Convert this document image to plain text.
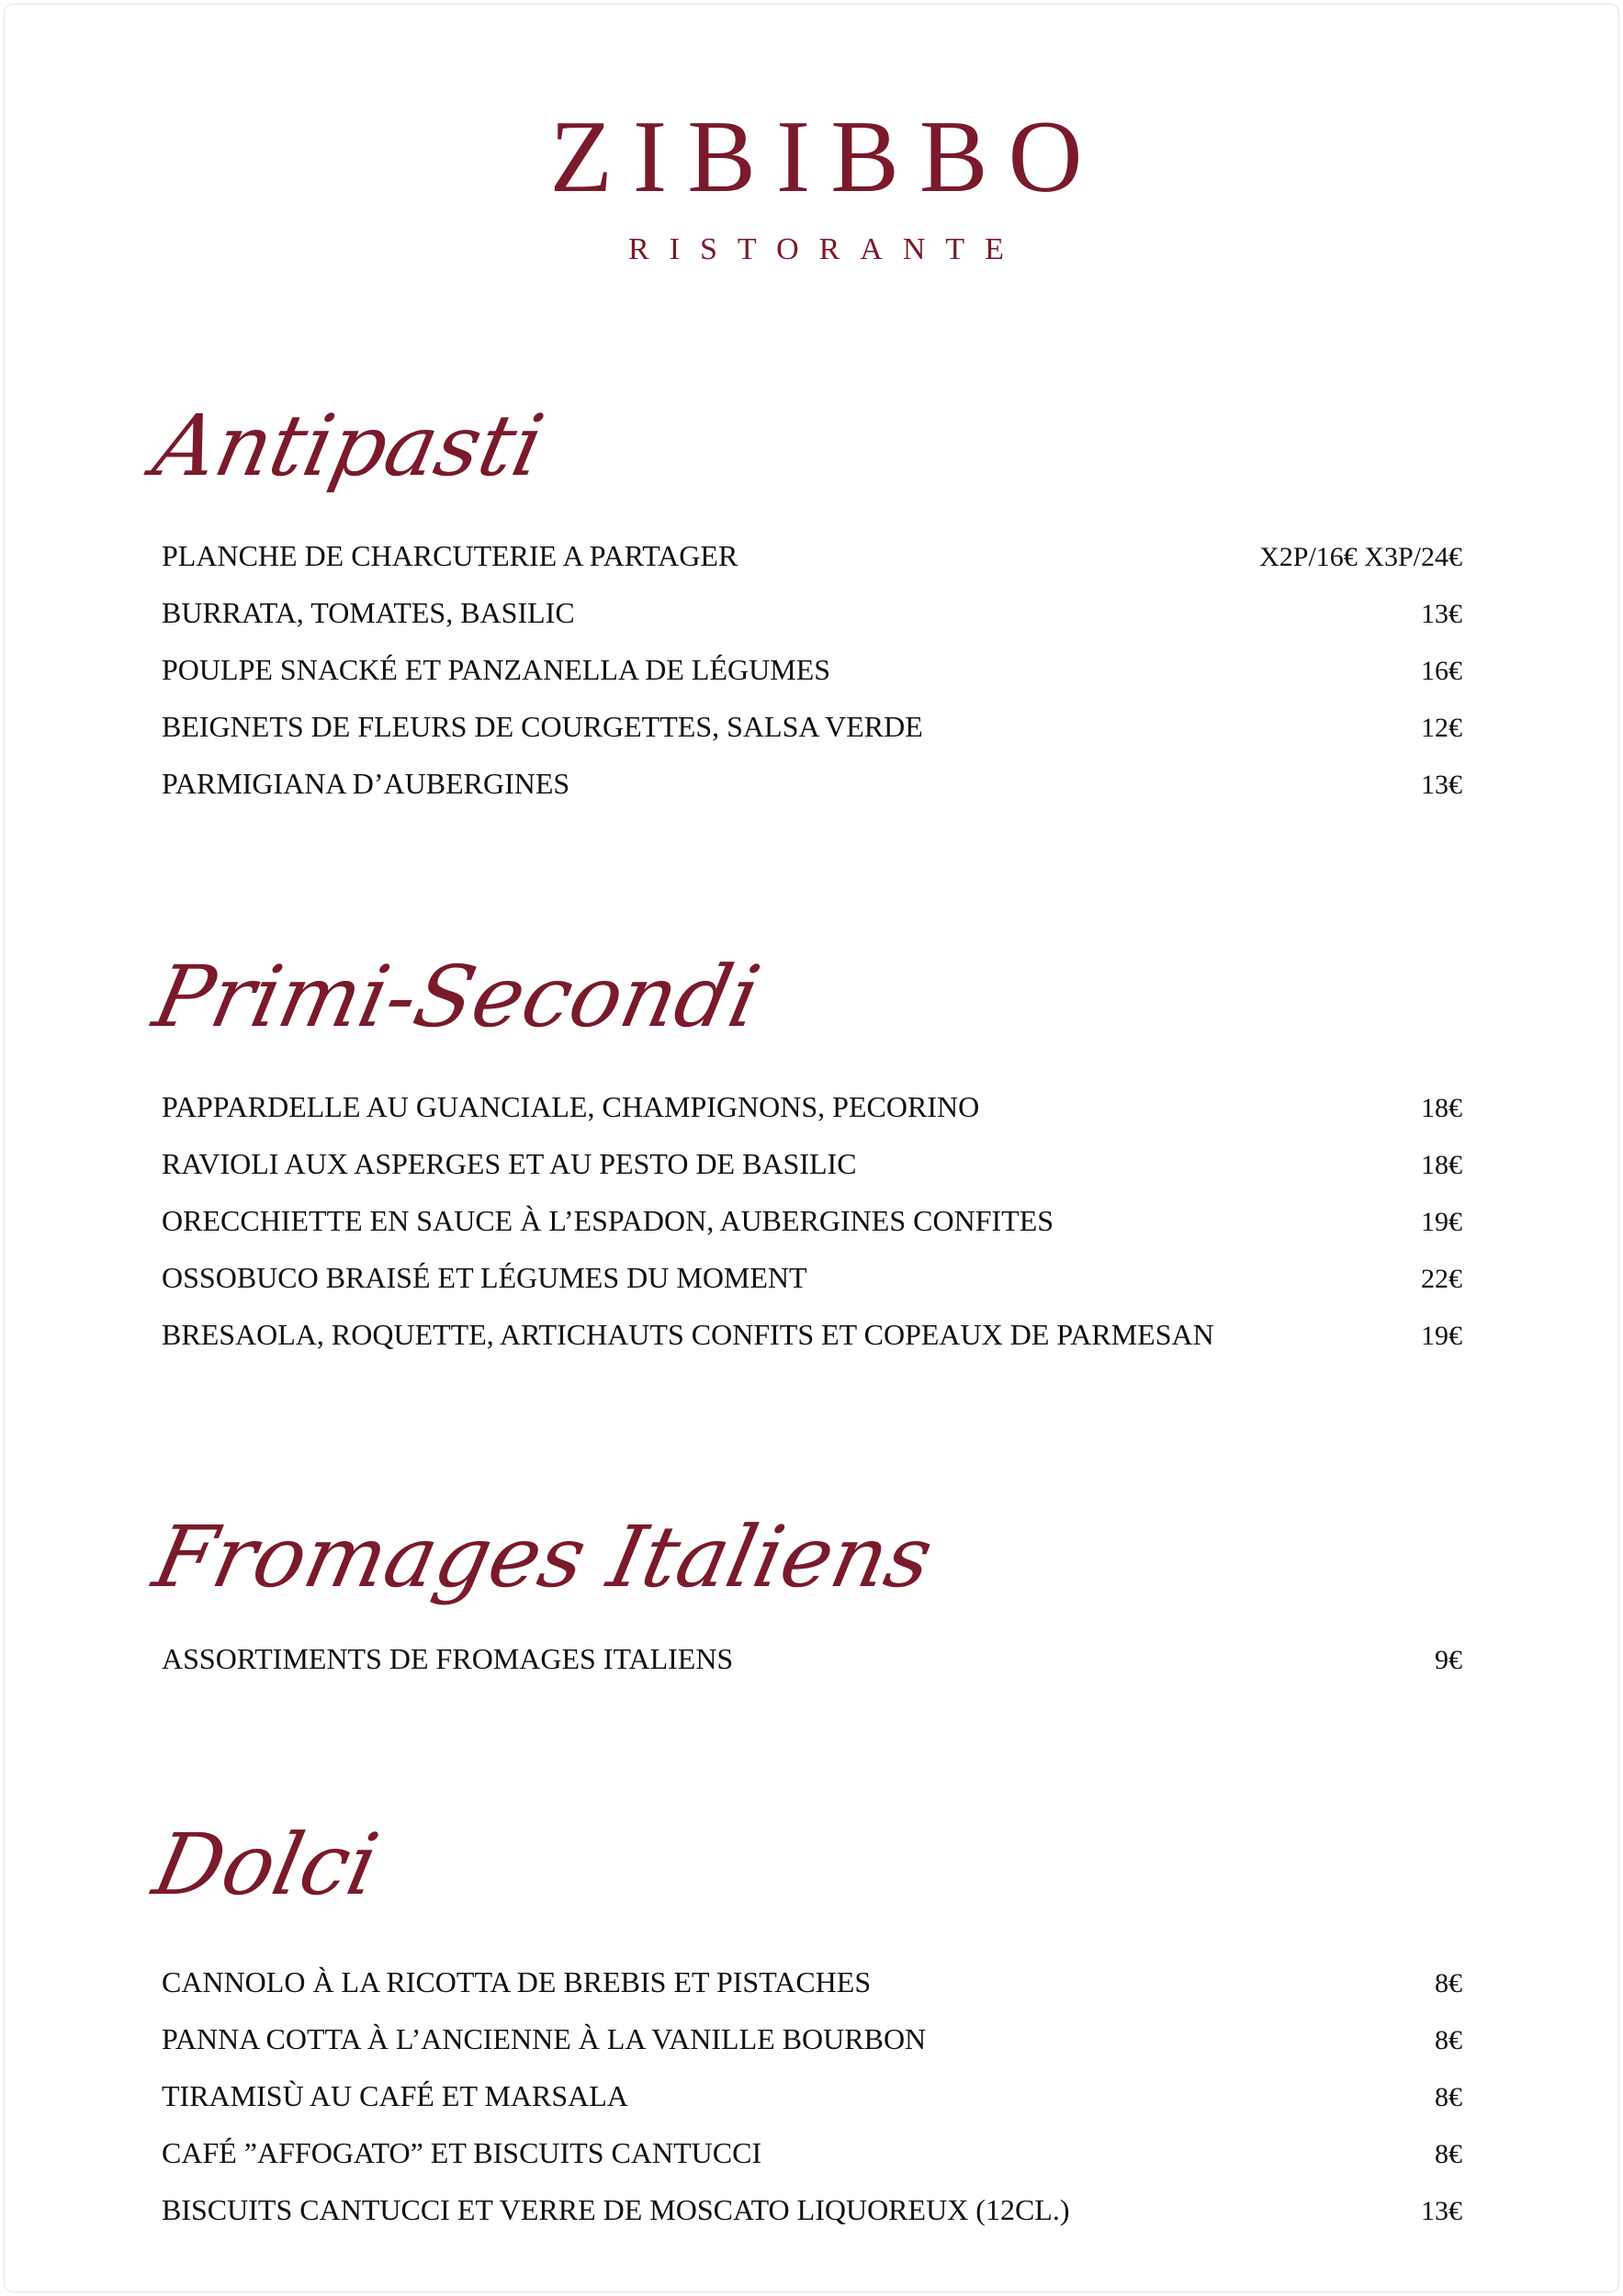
ZIBIBBO
RISTORANTE
Antipasti
PLANCHE DE CHARCUTERIE A PARTAGER	X2P/16€ X3P/24€
BURRATA, TOMATES, BASILIC	13€
POULPE SNACKÉ ET PANZANELLA DE LÉGUMES	16€
BEIGNETS DE FLEURS DE COURGETTES, SALSA VERDE	12€
PARMIGIANA D’AUBERGINES	13€
Primi-Secondi
PAPPARDELLE AU GUANCIALE, CHAMPIGNONS, PECORINO	18€
RAVIOLI AUX ASPERGES ET AU PESTO DE BASILIC	18€
ORECCHIETTE EN SAUCE À L’ESPADON, AUBERGINES CONFITES	19€
OSSOBUCO BRAISÉ ET LÉGUMES DU MOMENT	22€
BRESAOLA, ROQUETTE, ARTICHAUTS CONFITS ET COPEAUX DE PARMESAN	19€
Fromages Italiens
ASSORTIMENTS DE FROMAGES ITALIENS	9€
Dolci
CANNOLO À LA RICOTTA DE BREBIS ET PISTACHES	8€
PANNA COTTA À L’ANCIENNE À LA VANILLE BOURBON	8€
TIRAMISÙ AU CAFÉ ET MARSALA	8€
CAFÉ ”AFFOGATO” ET BISCUITS CANTUCCI	8€
BISCUITS CANTUCCI ET VERRE DE MOSCATO LIQUOREUX (12CL.)	13€
